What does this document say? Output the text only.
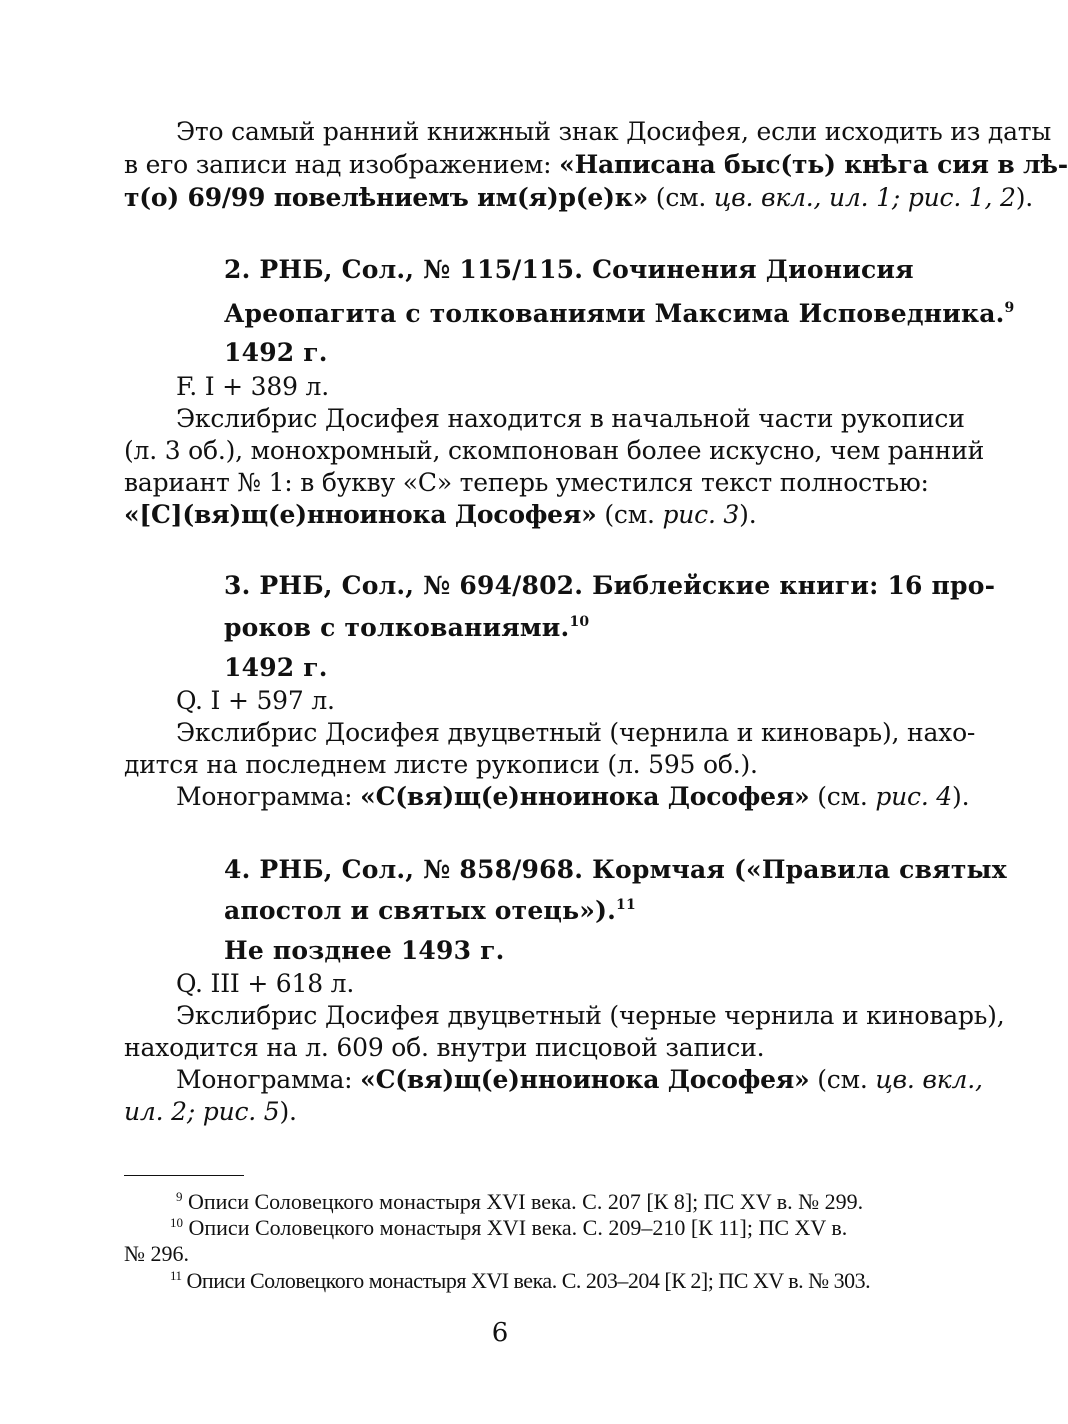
Это самый ранний книжный знак Досифея, если исходить из даты
в его записи над изображением: «Написана быс(ть) кнѣга сия в лѣ-
т(о) 69/99 повелѣниемъ им(я)р(е)к» (см. цв. вкл., ил. 1; рис. 1, 2).
2. РНБ, Сол., № 115/115. Сочинения Дионисия
Ареопагита с толкованиями Максима Исповедника.$^9$
1492 г.
F. I + 389 л.
Экслибрис Досифея находится в начальной части рукописи
(л. 3 об.), монохромный, скомпонован более искусно, чем ранний
вариант № 1: в букву «С» теперь уместился текст полностью:
«[С](вя)щ(е)нноинока Дософея» (см. рис. 3).
3. РНБ, Сол., № 694/802. Библейские книги: 16 про-
роков с толкованиями.$^{10}$
1492 г.
Q. I + 597 л.
Экслибрис Досифея двуцветный (чернила и киноварь), нахо-
дится на последнем листе рукописи (л. 595 об.).
Монограмма: «С(вя)щ(е)нноинока Дософея» (см. рис. 4).
4. РНБ, Сол., № 858/968. Кормчая («Правила святых
апостол и святых отець»).$^{11}$
Не позднее 1493 г.
Q. III + 618 л.
Экслибрис Досифея двуцветный (черные чернила и киноварь),
находится на л. 609 об. внутри писцовой записи.
Монограмма: «С(вя)щ(е)нноинока Дософея» (см. цв. вкл.,
ил. 2; рис. 5).
$^9$ Описи Соловецкого монастыря XVI века. С. 207 [К 8]; ПС XV в. № 299.
$^{10}$ Описи Соловецкого монастыря XVI века. С. 209–210 [К 11]; ПС XV в.
№ 296.
$^{11}$ Описи Соловецкого монастыря XVI века. С. 203–204 [К 2]; ПС XV в. № 303.
6
